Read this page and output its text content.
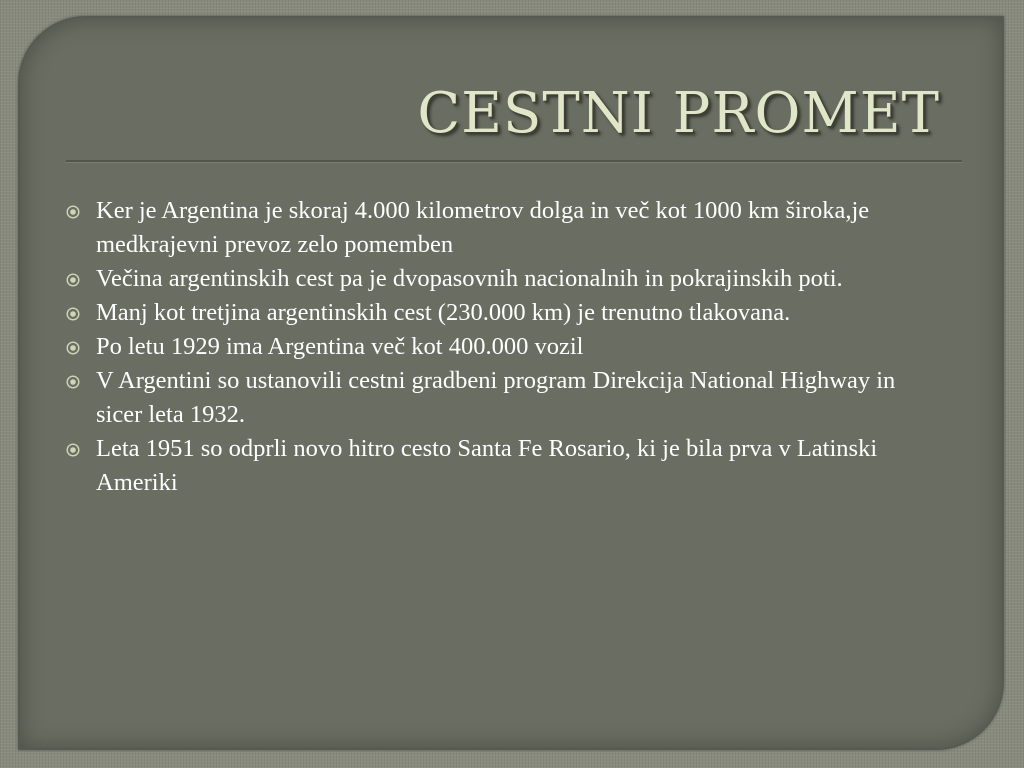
CESTNI PROMET
Ker je Argentina je skoraj 4.000 kilometrov dolga in več kot 1000 km široka,je medkrajevni prevoz zelo pomemben
Večina argentinskih cest pa je dvopasovnih nacionalnih in pokrajinskih poti.
Manj kot tretjina argentinskih cest (230.000 km) je trenutno tlakovana.
Po letu 1929 ima Argentina več kot 400.000 vozil
V Argentini so ustanovili cestni gradbeni program Direkcija National Highway in sicer leta 1932.
Leta 1951 so odprli novo hitro cesto Santa Fe Rosario, ki je bila prva v Latinski Ameriki
